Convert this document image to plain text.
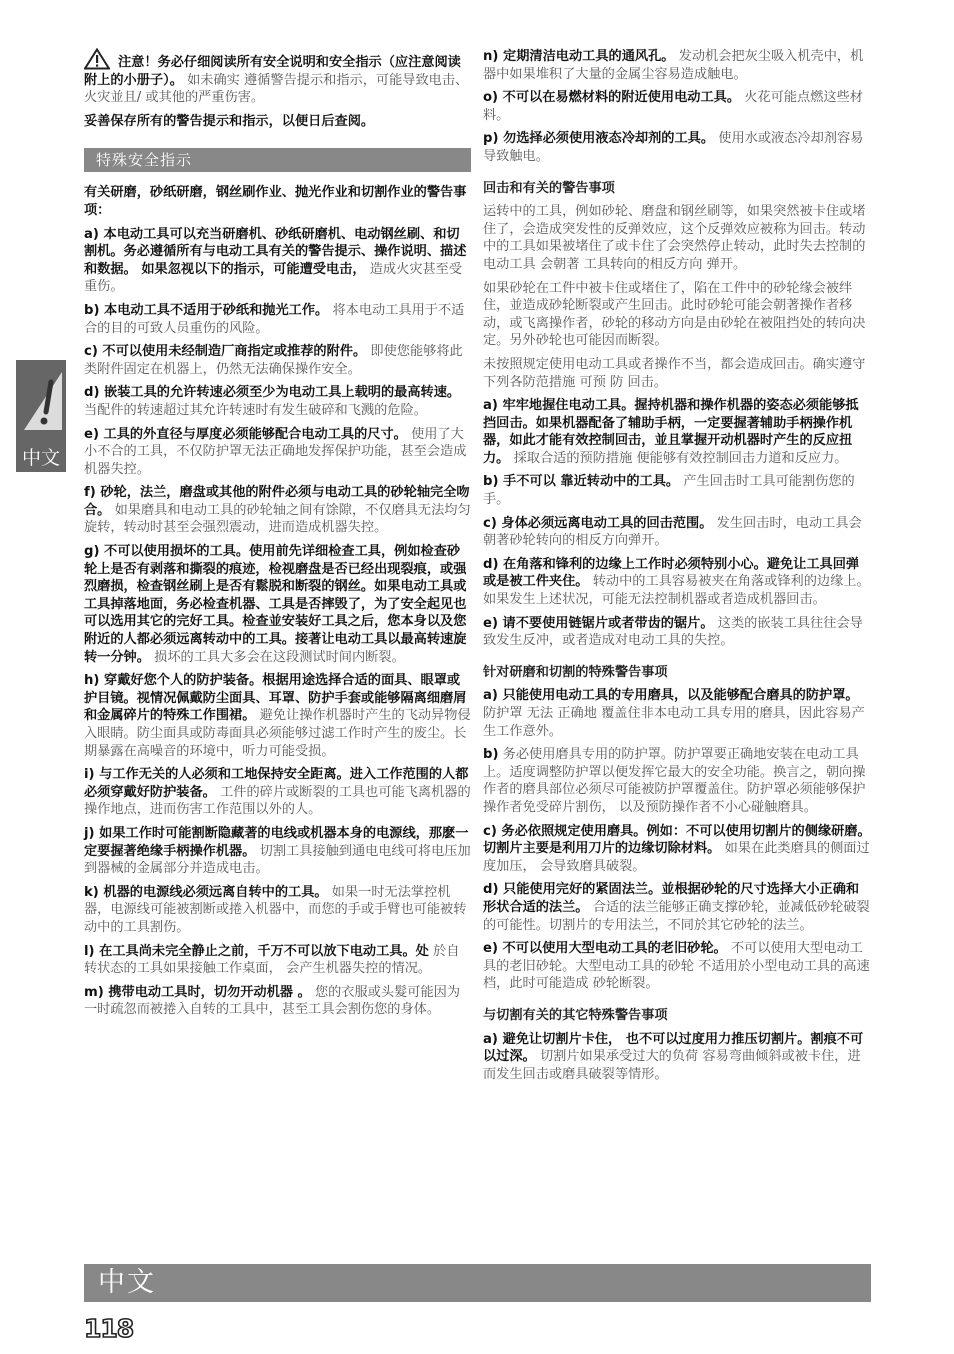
中文

注意！务必仔细阅读所有安全说明和安全指示（应注意阅读附上的小册子）。 如未确实 遵循警告提示和指示，可能导致电击、火灾並且/ 或其他的严重伤害。

妥善保存所有的警告提示和指示，以便日后查阅。

特殊安全指示

有关研磨，砂纸研磨，钢丝刷作业、抛光作业和切割作业的警告事项：

a) 本电动工具可以充当研磨机、砂纸研磨机、电动钢丝刷、和切割机。务必遵循所有与电动工具有关的警告提示、操作说明、描述和数据。 如果忽视以下的指示，可能遭受电击， 造成火灾甚至受重伤。

b) 本电动工具不适用于砂纸和抛光工作。 将本电动工具用于不适合的目的可致人员重伤的风险。

c) 不可以使用未经制造厂商指定或推荐的附件。 即使您能够将此类附件固定在机器上，仍然无法确保操作安全。

d) 嵌装工具的允许转速必须至少为电动工具上载明的最高转速。 当配件的转速超过其允许转速时有发生破碎和飞溅的危险。

e) 工具的外直径与厚度必须能够配合电动工具的尺寸。 使用了大小不合的工具，不仅防护罩无法正确地发挥保护功能，甚至会造成机器失控。

f) 砂轮，法兰，磨盘或其他的附件必须与电动工具的砂轮轴完全吻合。 如果磨具和电动工具的砂轮轴之间有馀隙，不仅磨具无法均匀旋转，转动时甚至会强烈震动，进而造成机器失控。

g) 不可以使用损坏的工具。使用前先详细检查工具，例如检查砂轮上是否有剥落和撕裂的痕迹，检视磨盘是否已经出现裂痕，或强烈磨损，检查钢丝刷上是否有鬆脱和断裂的钢丝。如果电动工具或工具掉落地面，务必检查机器、工具是否摔毁了，为了安全起见也可以选用其它的完好工具。检查並安装好工具之后，您本身以及您附近的人都必须远离转动中的工具。接著让电动工具以最高转速旋转一分钟。 损坏的工具大多会在这段测试时间内断裂。

h) 穿戴好您个人的防护装备。根据用途选择合适的面具、眼罩或护目镜。视情况佩戴防尘面具、耳罩、防护手套或能够隔离细磨屑和金属碎片的特殊工作围裙。 避免让操作机器时产生的飞动异物侵入眼睛。防尘面具或防毒面具必须能够过滤工作时产生的废尘。长期暴露在高噪音的环境中，听力可能受损。

i) 与工作无关的人必须和工地保持安全距离。进入工作范围的人都必须穿戴好防护装备。 工件的碎片或断裂的工具也可能飞离机器的操作地点，进而伤害工作范围以外的人。

j) 如果工作时可能割断隐藏著的电线或机器本身的电源线，那麽一定要握著绝缘手柄操作机器。 切割工具接触到通电电线可将电压加到器械的金属部分并造成电击。

k) 机器的电源线必须远离自转中的工具。 如果一时无法掌控机器，电源线可能被割断或捲入机器中，而您的手或手臂也可能被转动中的工具割伤。

l) 在工具尚未完全静止之前，千万不可以放下电动工具。处 於自转状态的工具如果接触工作桌面， 会产生机器失控的情况。

m) 携带电动工具时，切勿开动机器 。 您的衣服或头髮可能因为一时疏忽而被捲入自转的工具中，甚至工具会割伤您的身体。

n) 定期清洁电动工具的通风孔。 发动机会把灰尘吸入机壳中，机器中如果堆积了大量的金属尘容易造成触电。

o) 不可以在易燃材料的附近使用电动工具。 火花可能点燃这些材料。

p) 勿选择必须使用液态冷却剂的工具。 使用水或液态冷却剂容易导致触电。

回击和有关的警告事项

运转中的工具，例如砂轮、磨盘和钢丝刷等，如果突然被卡住或堵住了，会造成突发性的反弹效应，这个反弹效应被称为回击。转动中的工具如果被堵住了或卡住了会突然停止转动，此时失去控制的电动工具 会朝著 工具转向的相反方向 弹开。

如果砂轮在工件中被卡住或堵住了，陷在工件中的砂轮缘会被绊住，並造成砂轮断裂或产生回击。此时砂轮可能会朝著操作者移动，或飞离操作者，砂轮的移动方向是由砂轮在被阻挡处的转向决定。另外砂轮也可能因而断裂。

未按照规定使用电动工具或者操作不当，都会造成回击。确实遵守下列各防范措施 可预 防 回击。

a) 牢牢地握住电动工具。握持机器和操作机器的姿态必须能够抵挡回击。如果机器配备了辅助手柄，一定要握著辅助手柄操作机器，如此才能有效控制回击，並且掌握开动机器时产生的反应扭力。 採取合适的预防措施 便能够有效控制回击力道和反应力。

b) 手不可以 靠近转动中的工具。 产生回击时工具可能割伤您的手。

c) 身体必须远离电动工具的回击范围。 发生回击时，电动工具会朝著砂轮转向的相反方向弹开。

d) 在角落和锋利的边缘上工作时必须特别小心。避免让工具回弹或是被工件夹住。 转动中的工具容易被夹在角落或锋利的边缘上。如果发生上述状况，可能无法控制机器或者造成机器回击。

e) 请不要使用链锯片或者带齿的锯片。 这类的嵌装工具往往会导致发生反冲，或者造成对电动工具的失控。

针对研磨和切割的特殊警告事项

a) 只能使用电动工具的专用磨具，以及能够配合磨具的防护罩。 防护罩 无法 正确地 覆盖住非本电动工具专用的磨具，因此容易产生工作意外。

b) 务必使用磨具专用的防护罩。防护罩要正确地安装在电动工具上。适度调整防护罩以便发挥它最大的安全功能。换言之，朝向操作者的磨具部位必须尽可能被防护罩覆盖住。防护罩必须能够保护操作者免受碎片割伤， 以及预防操作者不小心碰触磨具。

c) 务必依照规定使用磨具。例如：不可以使用切割片的侧缘研磨。 切割片主要是利用刀片的边缘切除材料。 如果在此类磨具的侧面过度加压， 会导致磨具破裂。

d) 只能使用完好的紧固法兰。並根据砂轮的尺寸选择大小正确和形状合适的法兰。 合适的法兰能够正确支撑砂轮，並减低砂轮破裂的可能性。切割片的专用法兰，不同於其它砂轮的法兰。

e) 不可以使用大型电动工具的老旧砂轮。 不可以使用大型电动工具的老旧砂轮。大型电动工具的砂轮 不适用於小型电动工具的高速档，此时可能造成 砂轮断裂。

与切割有关的其它特殊警告事项

a) 避免让切割片卡住， 也不可以过度用力推压切割片。割痕不可以过深。 切割片如果承受过大的负荷 容易弯曲倾斜或被卡住，进而发生回击或磨具破裂等情形。

中文
118
